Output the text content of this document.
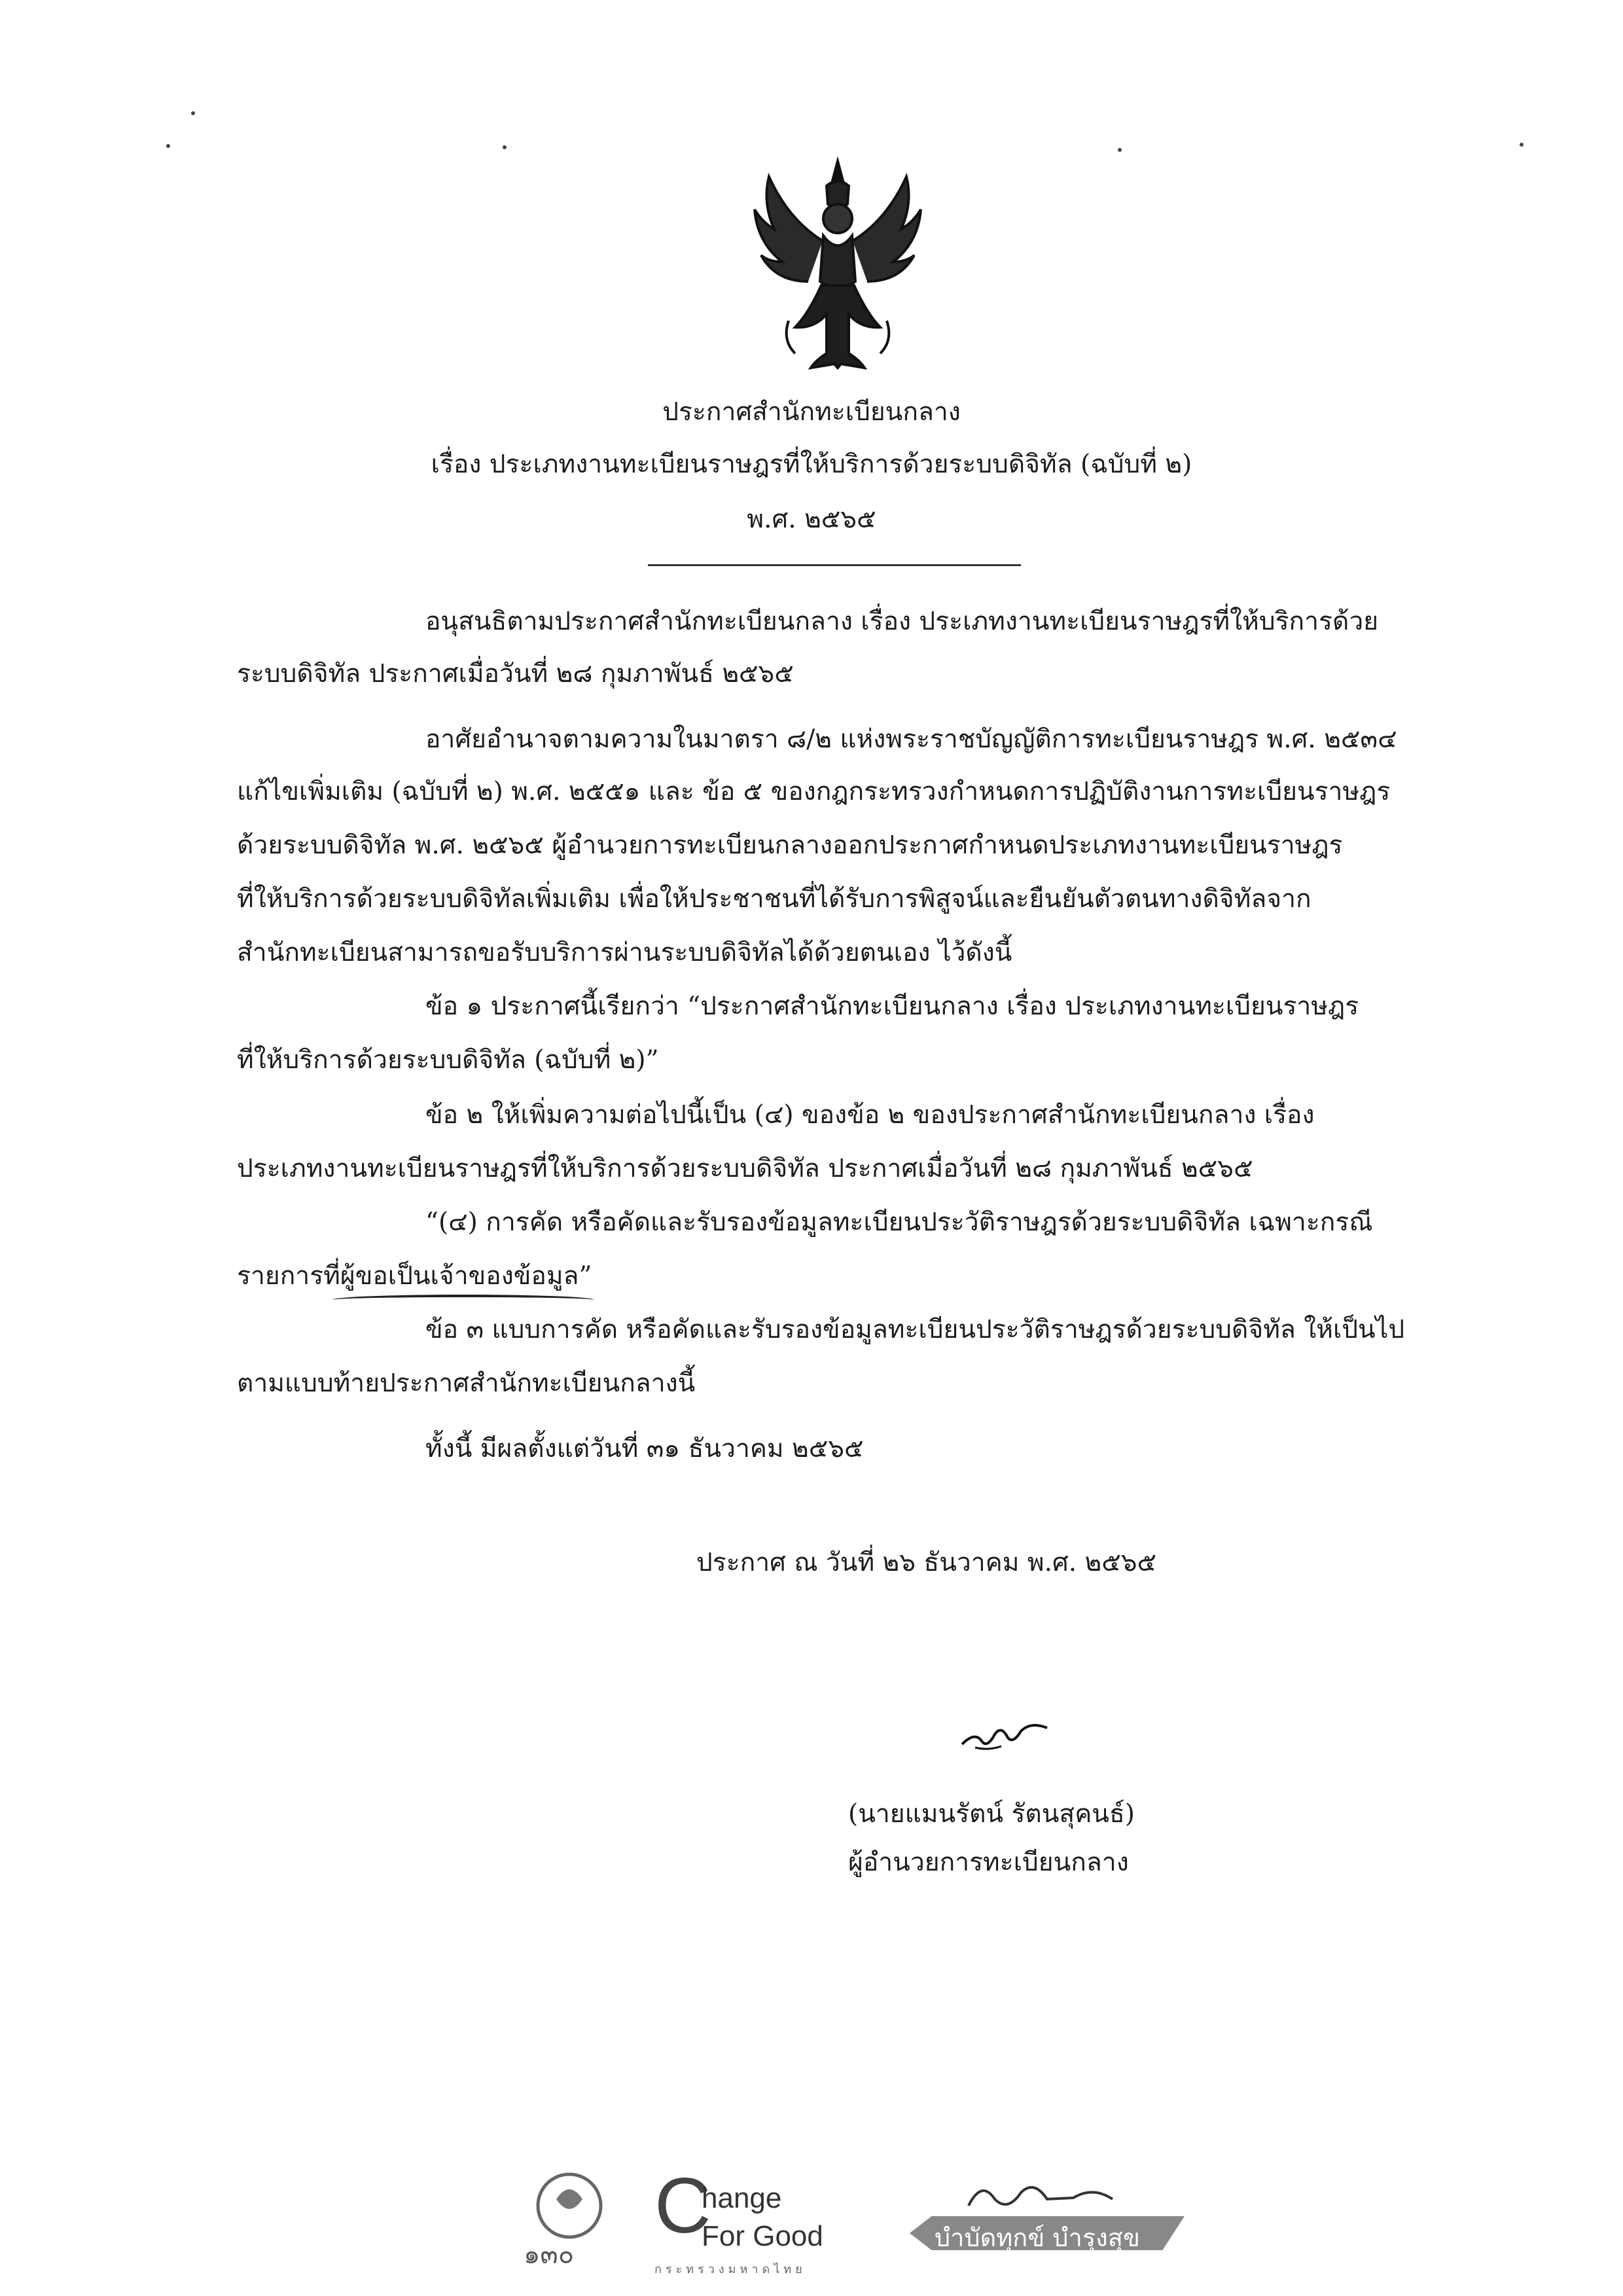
ประกาศสำนักทะเบียนกลาง
เรื่อง ประเภทงานทะเบียนราษฎรที่ให้บริการด้วยระบบดิจิทัล (ฉบับที่ ๒)
พ.ศ. ๒๕๖๕
อนุสนธิตามประกาศสำนักทะเบียนกลาง เรื่อง ประเภทงานทะเบียนราษฎรที่ให้บริการด้วย
ระบบดิจิทัล ประกาศเมื่อวันที่ ๒๘ กุมภาพันธ์ ๒๕๖๕
อาศัยอำนาจตามความในมาตรา ๘/๒ แห่งพระราชบัญญัติการทะเบียนราษฎร พ.ศ. ๒๕๓๔
แก้ไขเพิ่มเติม (ฉบับที่ ๒) พ.ศ. ๒๕๕๑ และ ข้อ ๕ ของกฎกระทรวงกำหนดการปฏิบัติงานการทะเบียนราษฎร
ด้วยระบบดิจิทัล พ.ศ. ๒๕๖๕ ผู้อำนวยการทะเบียนกลางออกประกาศกำหนดประเภทงานทะเบียนราษฎร
ที่ให้บริการด้วยระบบดิจิทัลเพิ่มเติม เพื่อให้ประชาชนที่ได้รับการพิสูจน์และยืนยันตัวตนทางดิจิทัลจาก
สำนักทะเบียนสามารถขอรับบริการผ่านระบบดิจิทัลได้ด้วยตนเอง ไว้ดังนี้
ข้อ ๑ ประกาศนี้เรียกว่า “ประกาศสำนักทะเบียนกลาง เรื่อง ประเภทงานทะเบียนราษฎร
ที่ให้บริการด้วยระบบดิจิทัล (ฉบับที่ ๒)”
ข้อ ๒ ให้เพิ่มความต่อไปนี้เป็น (๔) ของข้อ ๒ ของประกาศสำนักทะเบียนกลาง เรื่อง
ประเภทงานทะเบียนราษฎรที่ให้บริการด้วยระบบดิจิทัล ประกาศเมื่อวันที่ ๒๘ กุมภาพันธ์ ๒๕๖๕
“(๔) การคัด หรือคัดและรับรองข้อมูลทะเบียนประวัติราษฎรด้วยระบบดิจิทัล เฉพาะกรณี
รายการที่ผู้ขอเป็นเจ้าของข้อมูล”
ข้อ ๓ แบบการคัด หรือคัดและรับรองข้อมูลทะเบียนประวัติราษฎรด้วยระบบดิจิทัล ให้เป็นไป
ตามแบบท้ายประกาศสำนักทะเบียนกลางนี้
ทั้งนี้ มีผลตั้งแต่วันที่ ๓๑ ธันวาคม ๒๕๖๕
ประกาศ ณ วันที่ ๒๖ ธันวาคม พ.ศ. ๒๕๖๕
(นายแมนรัตน์ รัตนสุคนธ์)
ผู้อำนวยการทะเบียนกลาง
๑๓๐
C
hange
For Good
กระทรวงมหาดไทย
บำบัดทุกข์ บำรุงสุข
